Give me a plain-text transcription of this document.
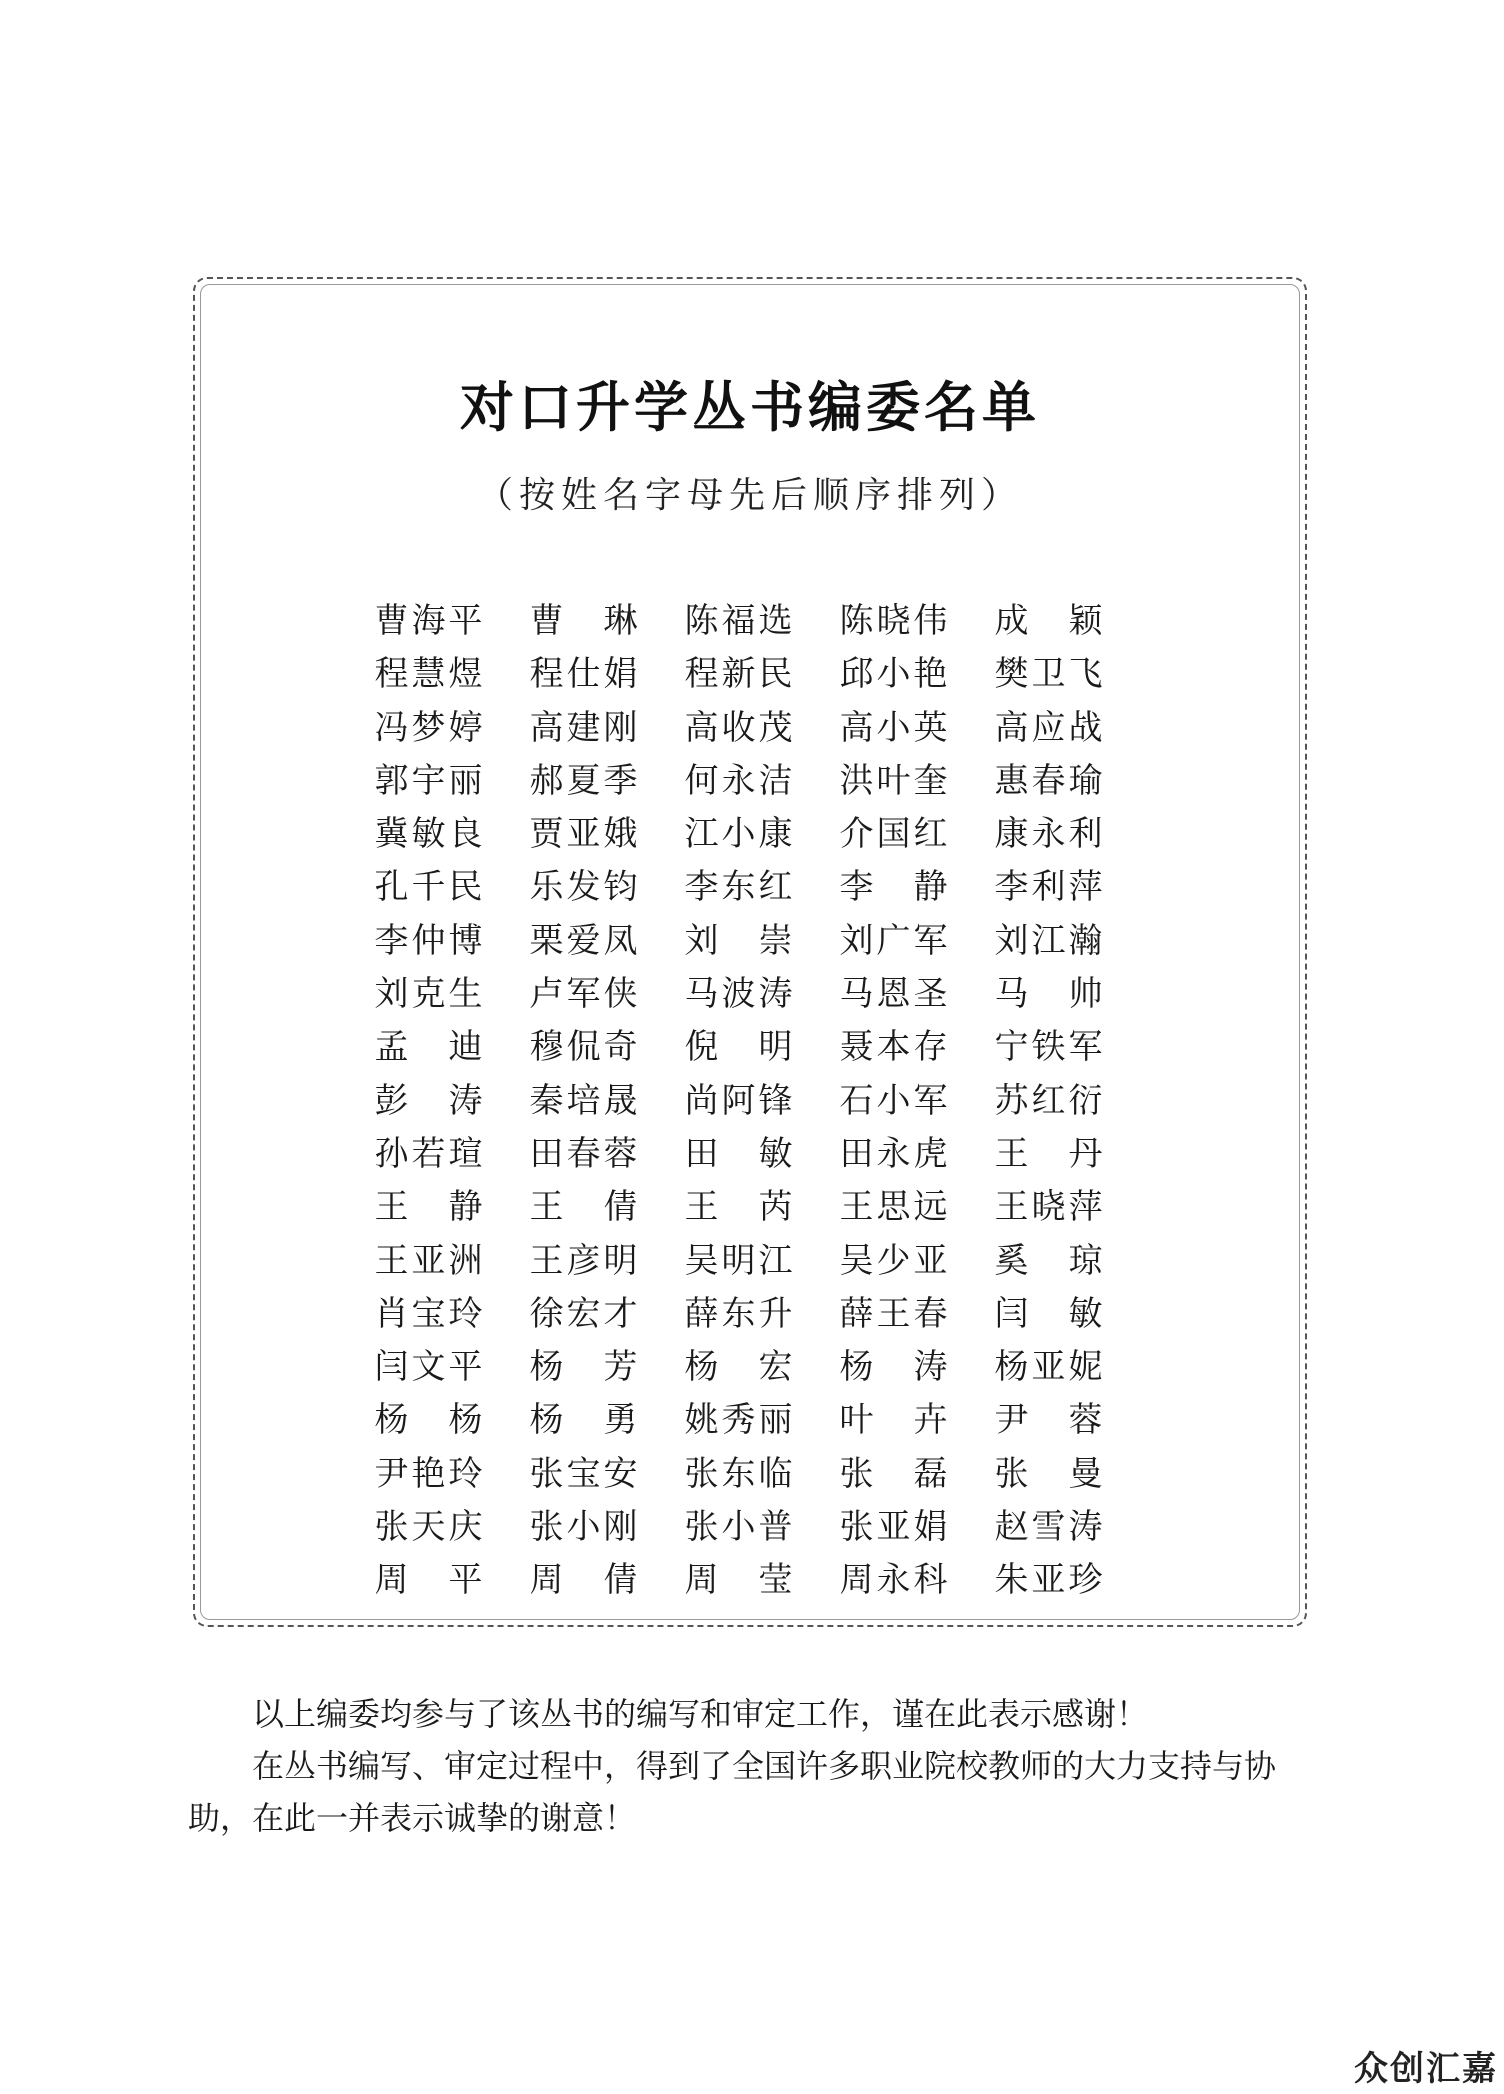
对口升学丛书编委名单
（按姓名字母先后顺序排列）
曹海平	曹　 琳	陈福选	陈晓伟	成　 颖
程慧煜	程仕娟	程新民	邱小艳	樊卫飞
冯梦婷	高建刚	高收茂	高小英	高应战
郭宇丽	郝夏季	何永洁	洪叶奎	惠春瑜
冀敏良	贾亚娥	江小康	介国红	康永利
孔千民	乐发钧	李东红	李　 静	李利萍
李仲博	栗爱凤	刘　 崇	刘广军	刘江瀚
刘克生	卢军侠	马波涛	马恩圣	马　 帅
孟　 迪	穆侃奇	倪　 明	聂本存	宁铁军
彭　 涛	秦培晟	尚阿锋	石小军	苏红衍
孙若瑄	田春蓉	田　 敏	田永虎	王　 丹
王　 静	王　 倩	王　 芮	王思远	王晓萍
王亚洲	王彦明	吴明江	吴少亚	奚　 琼
肖宝玲	徐宏才	薛东升	薛王春	闫　 敏
闫文平	杨　 芳	杨　 宏	杨　 涛	杨亚妮
杨　 杨	杨　 勇	姚秀丽	叶　 卉	尹　 蓉
尹艳玲	张宝安	张东临	张　 磊	张　 曼
张天庆	张小刚	张小普	张亚娟	赵雪涛
周　 平	周　 倩	周　 莹	周永科	朱亚珍

以上编委均参与了该丛书的编写和审定工作，谨在此表示感谢！

在丛书编写、审定过程中，得到了全国许多职业院校教师的大力支持与协助，在此一并表示诚挚的谢意！

众创汇嘉
